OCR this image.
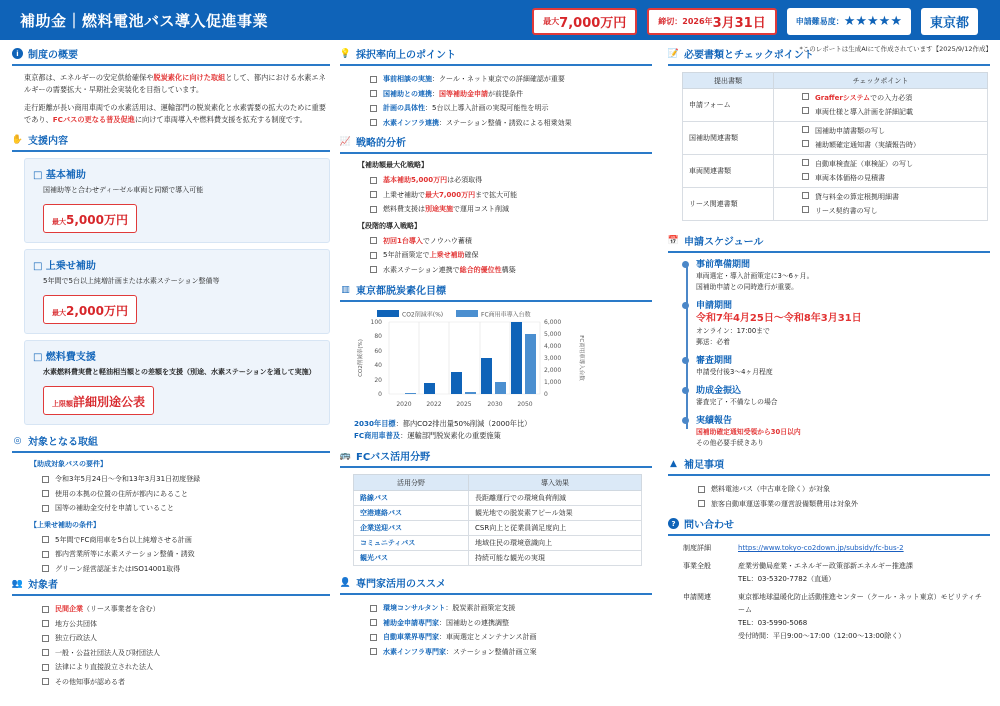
補助金｜燃料電池バス導入促進事業	最大 7,000万円	締切：2026年 3月31日	申請難易度： ★★★★★ 東京都
*このレポートは生成AIにて作成されています【2025/9/12作成】
i 制度の概要

東京都は、エネルギーの安定供給確保や脱炭素化に向けた取組として、都内における水素エネルギーの需要拡大・早期社会実装化を目指しています。

走行距離が長い商用車両での水素活用は、運輸部門の脱炭素化と水素需要の拡大のために重要であり、FCバスの更なる普及促進に向けて車両導入や燃料費支援を拡充する制度です。

✋ 支援内容
□ 基本補助
国補助等と合わせディーゼル車両と同額で導入可能
最大5,000万円
□ 上乗せ補助
5年間で5台以上純増計画または水素ステーション整備等
最大2,000万円
□ 燃料費支援
水素燃料費実費と軽油相当額との差額を支援（別途、水素ステーションを通して実施）
上限額詳細別途公表
◎ 対象となる取組
【助成対象バスの要件】
令和3年5月24日〜令和13年3月31日初度登録
使用の本拠の位置の住所が都内にあること
国等の補助金交付を申請していること
【上乗せ補助の条件】
5年間でFC商用車を5台以上純増させる計画
都内営業所等に水素ステーション整備・誘致
グリーン経営認証またはISO14001取得
👥 対象者
民間企業 （リース事業者を含む）
地方公共団体
独立行政法人
一般・公益社団法人及び財団法人
法律により直接設立された法人
その他知事が認める者
💡 採択率向上のポイント
事前相談の実施 ：クール・ネット東京での詳細確認が重要
国補助との連携 ： 国等補助金申請 が前提条件
計画の具体性 ：5台以上導入計画の実現可能性を明示
水素インフラ連携 ：ステーション整備・誘致による相乗効果
📈 戦略的分析
【補助額最大化戦略】
基本補助5,000万円 は必須取得
上乗せ補助で 最大7,000万円 まで拡大可能
燃料費支援は 別途実施 で運用コスト削減
【段階的導入戦略】
初回1台導入 でノウハウ蓄積
5年計画策定で 上乗せ補助 確保
水素ステーション連携で 総合的優位性 構築
▥ 東京都脱炭素化目標
CO2削減率(%)	FC商用車導入台数
0
20
40
60
80
100
0
1,000
2,000
3,000
4,000
5,000
6,000
CO2削減率(%)	FC商用車導入台数
2020 2022 2025	2030 2050
2030年目標：都内CO2排出量50%削減（2000年比）
FC商用車普及：運輸部門脱炭素化の重要施策
🚌 FCバス活用分野
活用分野	導入効果
路線バス	長距離運行での環境負荷削減
空港連絡バス	観光地での脱炭素アピール効果
企業送迎バス	CSR向上と従業員満足度向上
コミュニティバス	地域住民の環境意識向上
観光バス	持続可能な観光の実現
👤 専門家活用のススメ
環境コンサルタント ：脱炭素計画策定支援
補助金申請専門家 ：国補助との連携調整
自動車業界専門家 ：車両選定とメンテナンス計画
水素インフラ専門家 ：ステーション整備計画立案
📝 必要書類とチェックポイント
提出書類	チェックポイント
申請フォーム	Grafferシステムでの入力必須
車両仕様と導入計画を詳細記載

国補助関連書類	国補助申請書類の写し
補助額確定通知書（実績報告時）

車両関連書類	自動車検査証（車検証）の写し
車両本体価格の見積書

リース関連書類	貸与料金の算定根拠明細書
リース契約書の写し
📅 申請スケジュール
事前準備期間
車両選定・導入計画策定に3〜6ヶ月。
国補助申請との同時進行が重要。
申請期間
令和7年4月25日〜令和8年3月31日
オンライン：17:00まで
郵送：必着
審査期間
申請受付後3〜4ヶ月程度
助成金振込
審査完了・不備なしの場合
実績報告
国補助確定通知受領から30日以内
その他必要手続きあり
▲ 補足事項
燃料電池バス（中古車を除く）が対象
旅客自動車運送事業の運営設備類費用は対象外
? 問い合わせ
制度詳細	https://www.tokyo-co2down.jp/subsidy/fc-bus-2
事業全般	産業労働局産業・エネルギー政策部新エネルギー推進課
TEL：03-5320-7782（直通）
申請関連	東京都地球温暖化防止活動推進センター（クール・ネット東京）モビリティチーム
TEL：03-5990-5068
受付時間：平日9:00〜17:00（12:00〜13:00除く）
